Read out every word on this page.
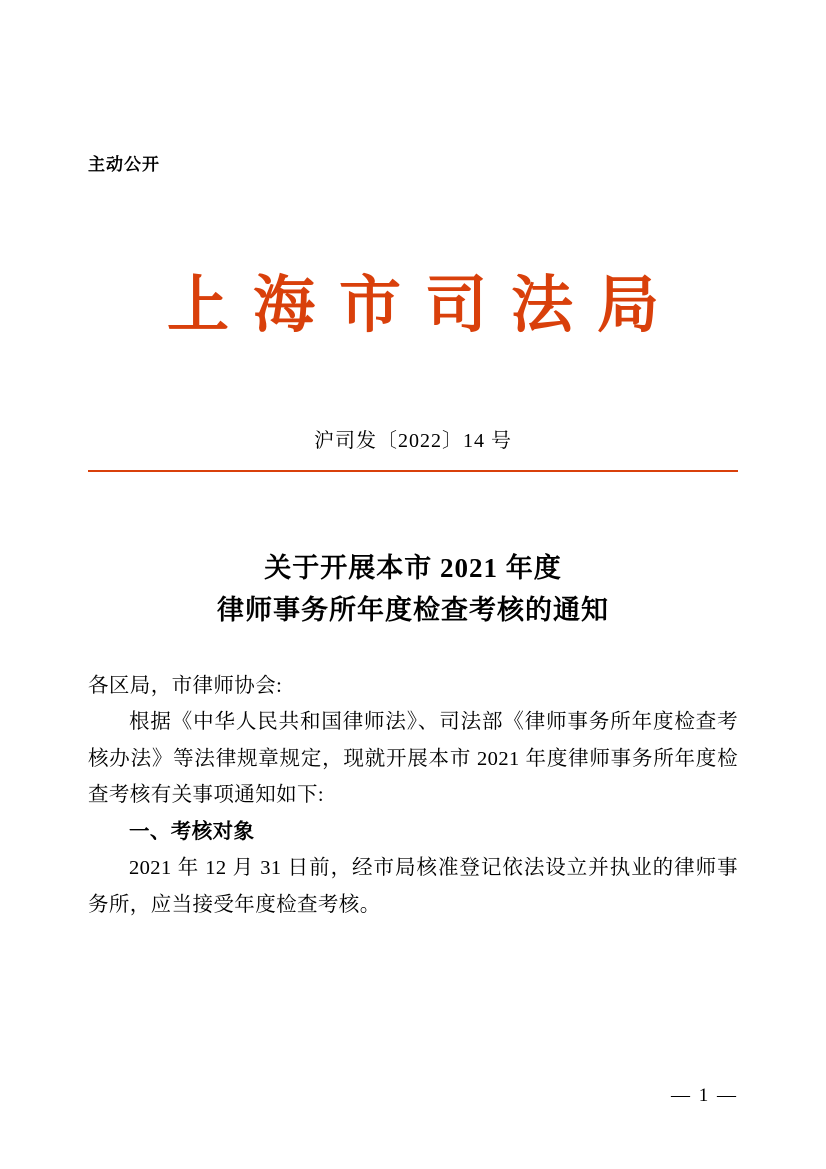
主动公开
上海市司法局
沪司发〔2022〕14 号
关于开展本市 2021 年度
律师事务所年度检查考核的通知

各区局，市律师协会:

根据《中华人民共和国律师法》、司法部《律师事务所年度检查考核办法》等法律规章规定，现就开展本市 2021 年度律师事务所年度检查考核有关事项通知如下:

一、考核对象

2021 年 12 月 31 日前，经市局核准登记依法设立并执业的律师事务所，应当接受年度检查考核。

— 1 —
